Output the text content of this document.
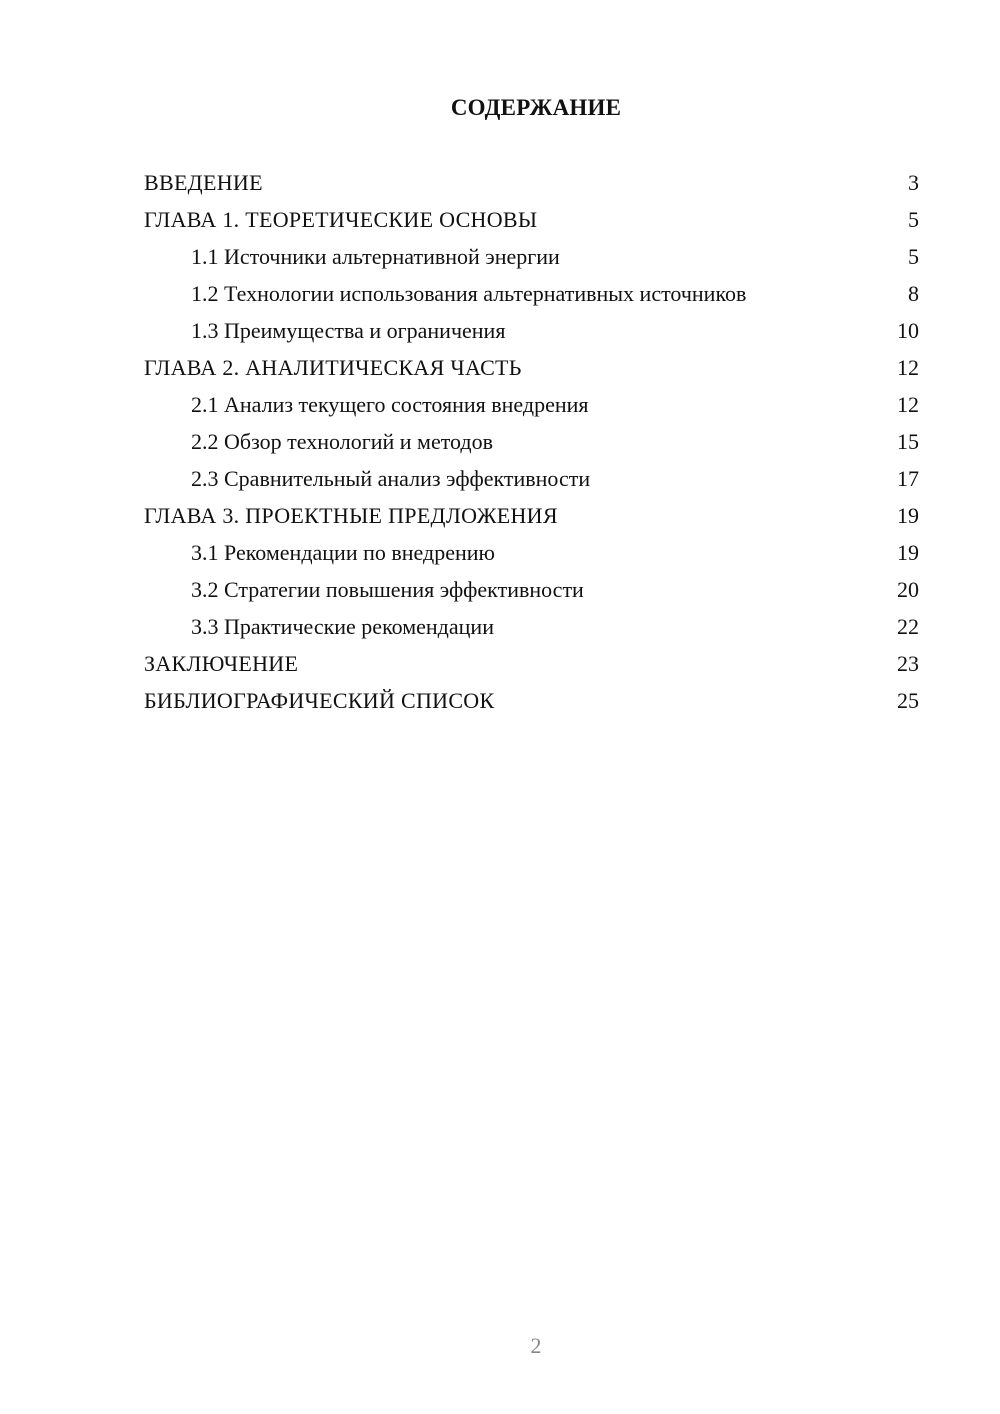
СОДЕРЖАНИЕ
ВВЕДЕНИЕ	3
ГЛАВА 1. ТЕОРЕТИЧЕСКИЕ ОСНОВЫ	5
1.1 Источники альтернативной энергии	5
1.2 Технологии использования альтернативных источников	8
1.3 Преимущества и ограничения	10
ГЛАВА 2. АНАЛИТИЧЕСКАЯ ЧАСТЬ	12
2.1 Анализ текущего состояния внедрения	12
2.2 Обзор технологий и методов	15
2.3 Сравнительный анализ эффективности	17
ГЛАВА 3. ПРОЕКТНЫЕ ПРЕДЛОЖЕНИЯ	19
3.1 Рекомендации по внедрению	19
3.2 Стратегии повышения эффективности	20
3.3 Практические рекомендации	22
ЗАКЛЮЧЕНИЕ	23
БИБЛИОГРАФИЧЕСКИЙ СПИСОК	25
2
